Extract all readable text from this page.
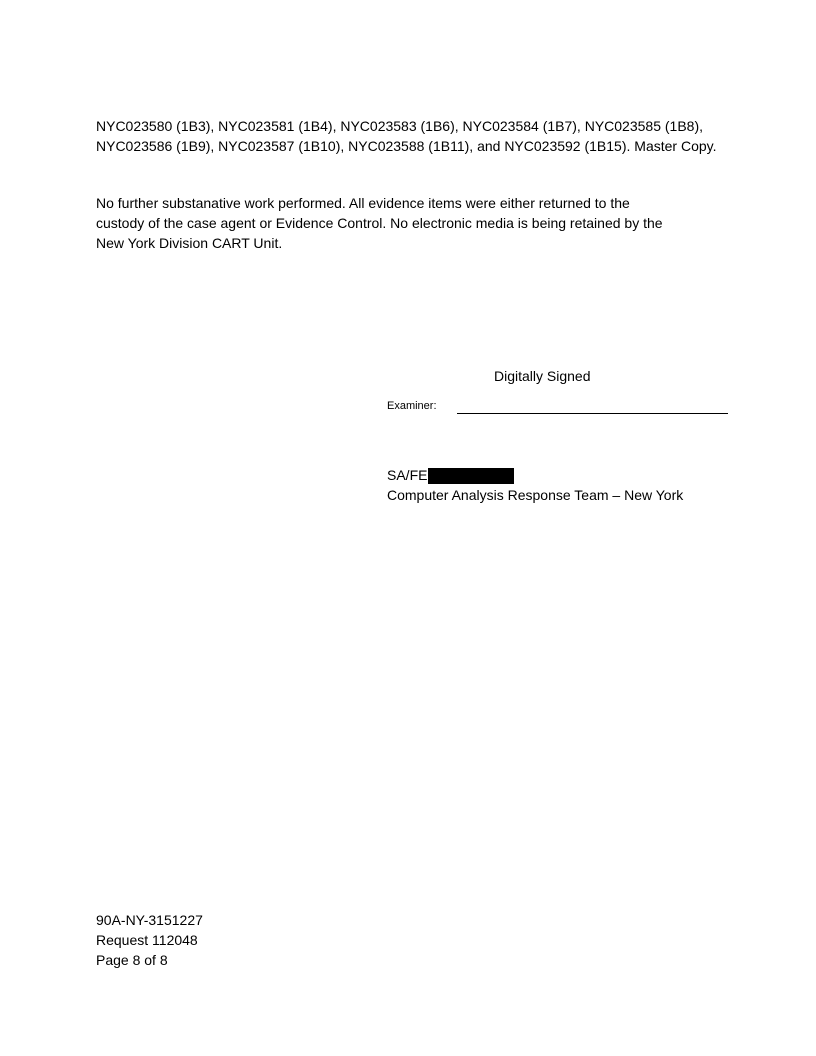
NYC023580 (1B3), NYC023581 (1B4), NYC023583 (1B6), NYC023584 (1B7), NYC023585 (1B8),
NYC023586 (1B9), NYC023587 (1B10), NYC023588 (1B11), and NYC023592 (1B15). Master Copy.
No further substanative work performed. All evidence items were either returned to the
custody of the case agent or Evidence Control. No electronic media is being retained by the
New York Division CART Unit.
Digitally Signed
Examiner:
SA/FE
Computer Analysis Response Team – New York
90A-NY-3151227
Request 112048
Page 8 of 8
